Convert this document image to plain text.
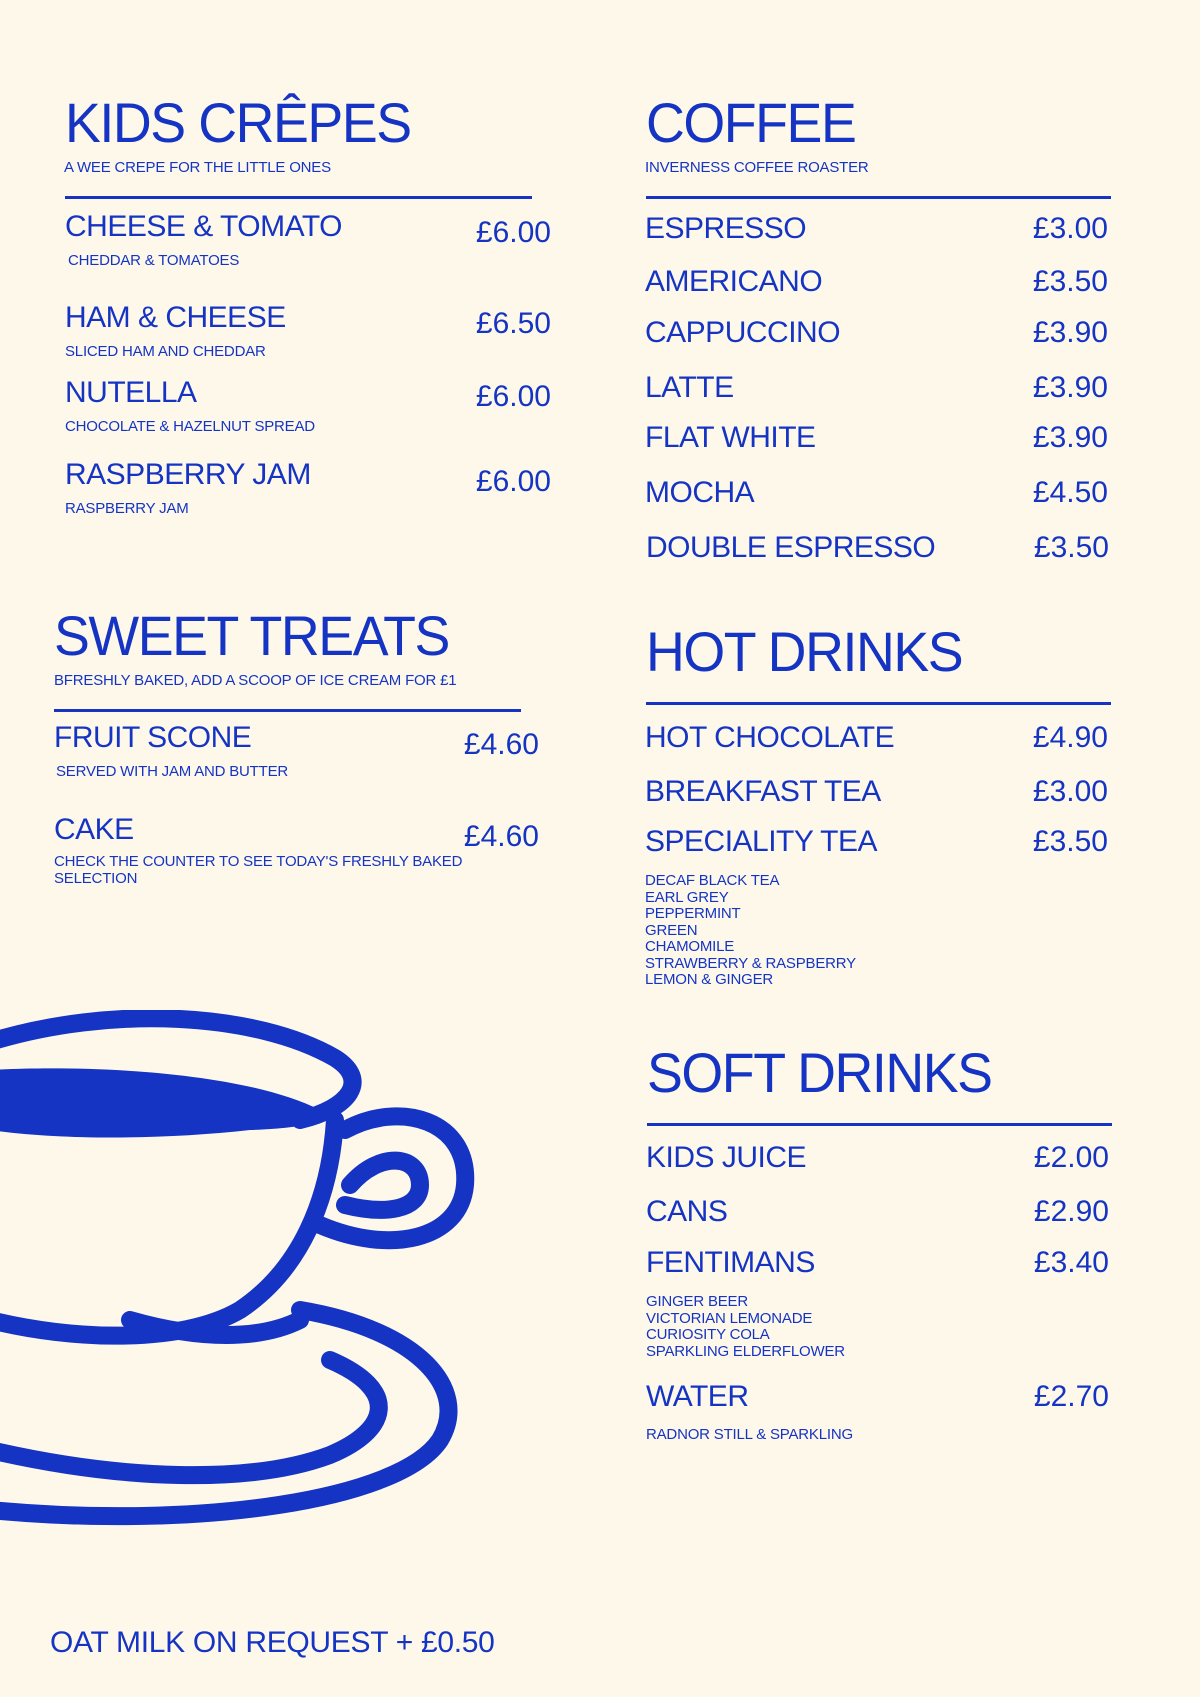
KIDS CRÊPES
A WEE CREPE FOR THE LITTLE ONES
CHEESE & TOMATO	£6.00
CHEDDAR & TOMATOES
HAM & CHEESE	£6.50
SLICED HAM AND CHEDDAR
NUTELLA	£6.00
CHOCOLATE & HAZELNUT SPREAD
RASPBERRY JAM	£6.00
RASPBERRY JAM
SWEET TREATS
BFRESHLY BAKED, ADD A SCOOP OF ICE CREAM FOR £1
FRUIT SCONE	£4.60
SERVED WITH JAM AND BUTTER
CAKE	£4.60
CHECK THE COUNTER TO SEE TODAY'S FRESHLY BAKED SELECTION
COFFEE
INVERNESS COFFEE ROASTER
ESPRESSO	£3.00
AMERICANO	£3.50
CAPPUCCINO	£3.90
LATTE	£3.90
FLAT WHITE	£3.90
MOCHA	£4.50
DOUBLE ESPRESSO	£3.50
HOT DRINKS
HOT CHOCOLATE	£4.90
BREAKFAST TEA	£3.00
SPECIALITY TEA	£3.50
DECAF BLACK TEA
EARL GREY
PEPPERMINT
GREEN
CHAMOMILE
STRAWBERRY & RASPBERRY
LEMON & GINGER
SOFT DRINKS
KIDS JUICE	£2.00
CANS	£2.90
FENTIMANS	£3.40
GINGER BEER
VICTORIAN LEMONADE
CURIOSITY COLA
SPARKLING ELDERFLOWER
WATER	£2.70
RADNOR STILL & SPARKLING
OAT MILK ON REQUEST + £0.50
